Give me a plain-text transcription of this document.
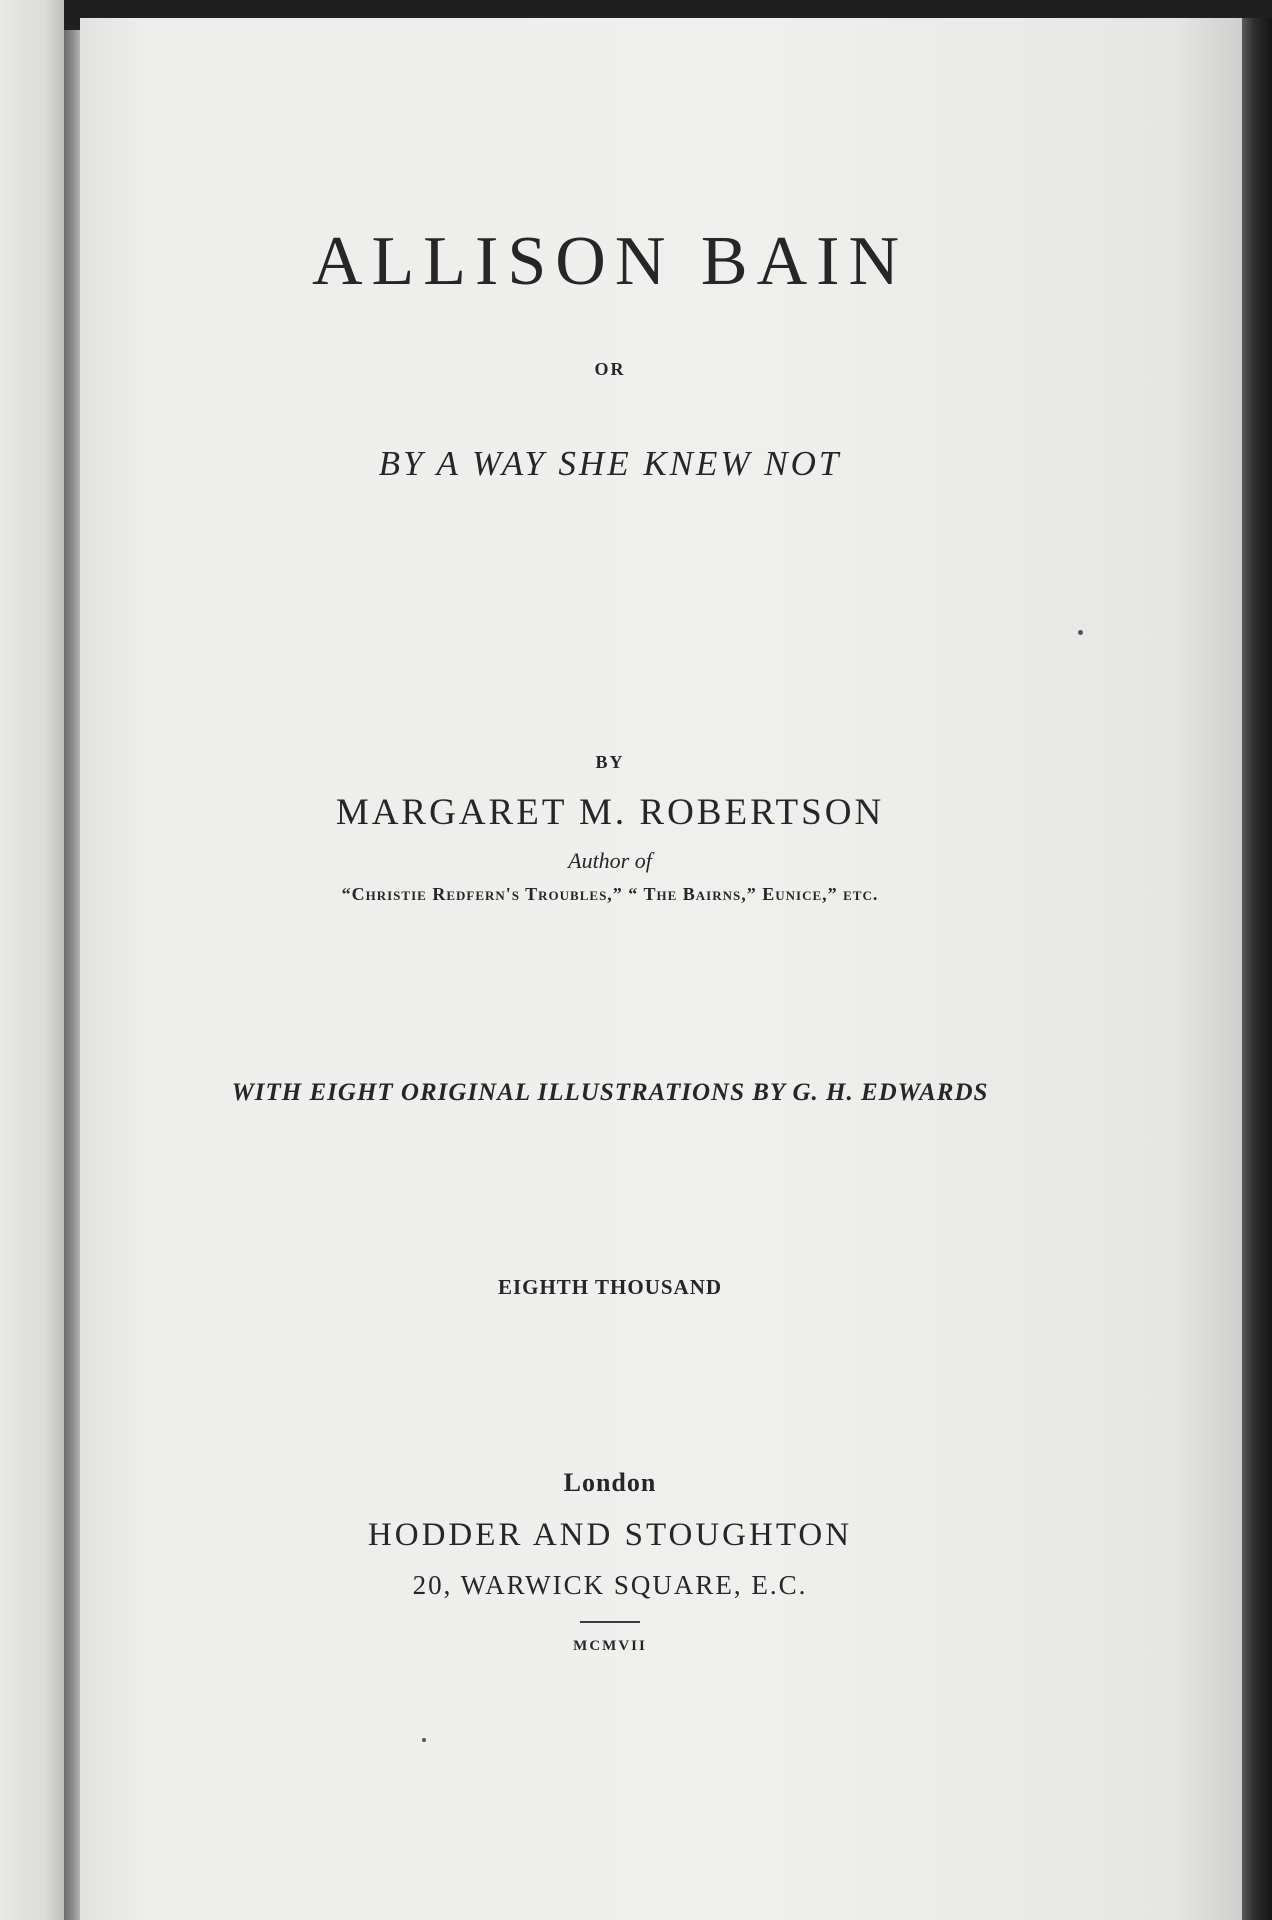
ALLISON BAIN
OR
BY A WAY SHE KNEW NOT
BY
MARGARET M. ROBERTSON
Author of
“Christie Redfern's Troubles,” “ The Bairns,” Eunice,” etc.
WITH EIGHT ORIGINAL ILLUSTRATIONS BY G. H. EDWARDS
EIGHTH THOUSAND
London
HODDER AND STOUGHTON
20, WARWICK SQUARE, E.C.
MCMVII
